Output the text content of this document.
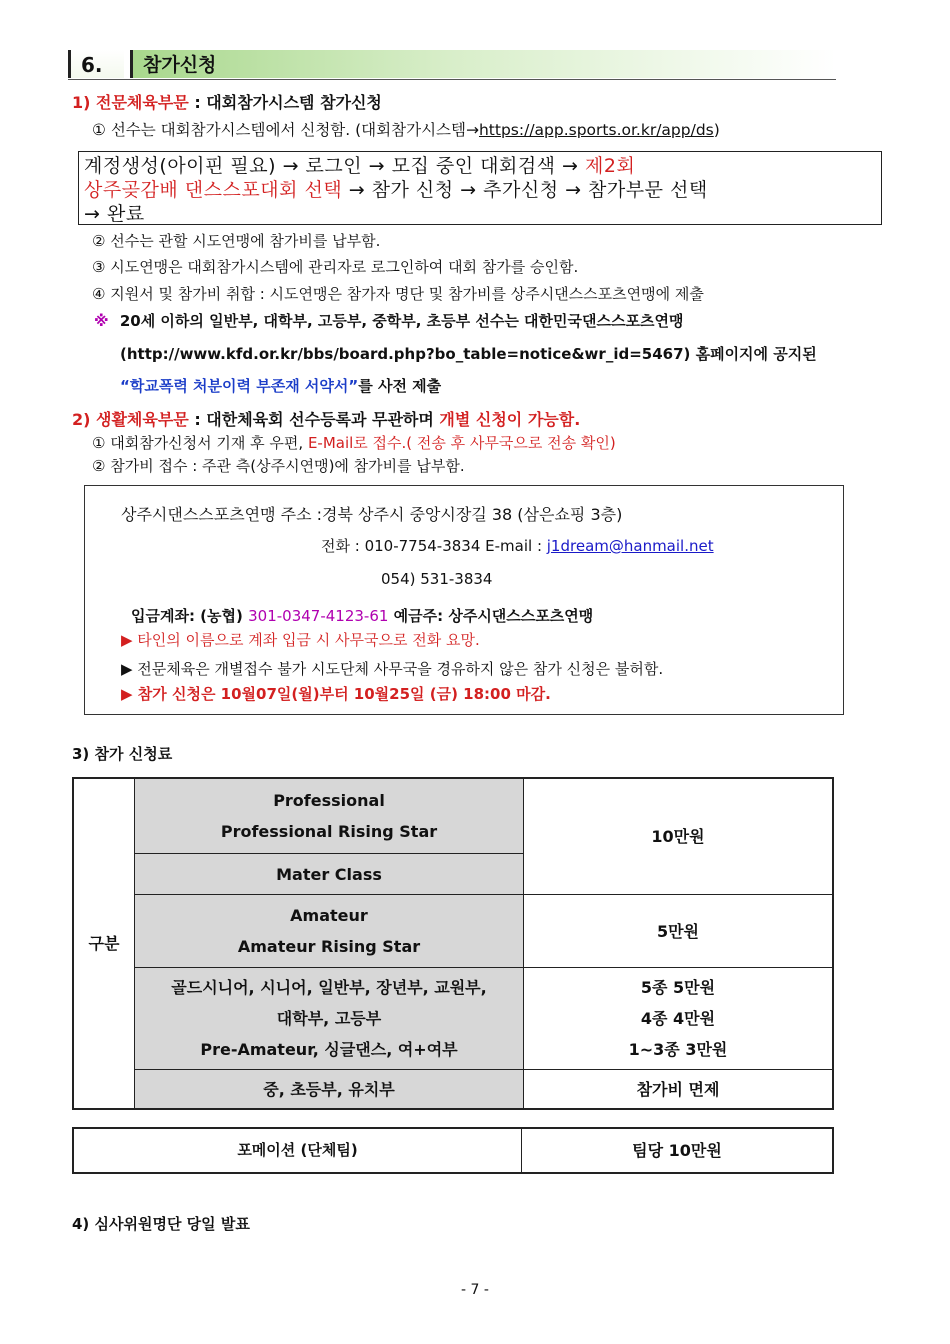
6.	참가신청
1) 전문체육부문 : 대회참가시스템 참가신청
① 선수는 대회참가시스템에서 신청함. (대회참가시스템→https://app.sports.or.kr/app/ds)
계정생성(아이핀 필요) → 로그인 → 모집 중인 대회검색 → 제2회
상주곶감배 댄스스포대회 선택 → 참가 신청 → 추가신청 → 참가부문 선택
→ 완료
② 선수는 관할 시도연맹에 참가비를 납부함.
③ 시도연맹은 대회참가시스템에 관리자로 로그인하여 대회 참가를 승인함.
④ 지원서 및 참가비 취합 : 시도연맹은 참가자 명단 및 참가비를 상주시댄스스포츠연맹에 제출
※ 20세 이하의 일반부, 대학부, 고등부, 중학부, 초등부 선수는 대한민국댄스스포츠연맹
(http://www.kfd.or.kr/bbs/board.php?bo_table=notice&wr_id=5467) 홈페이지에 공지된
“학교폭력 처분이력 부존재 서약서”를 사전 제출
2) 생활체육부문 : 대한체육회 선수등록과 무관하며 개별 신청이 가능함.
① 대회참가신청서 기재 후 우편, E-Mail로 접수.( 전송 후 사무국으로 전송 확인)
② 참가비 접수 : 주관 측(상주시연맹)에 참가비를 납부함.
상주시댄스스포츠연맹 주소 :경북 상주시 중앙시장길 38 (삼은쇼핑 3층)
전화 : 010-7754-3834 E-mail : j1dream@hanmail.net
054) 531-3834
입금계좌: (농협) 301-0347-4123-61 예금주: 상주시댄스스포츠연맹
▶ 타인의 이름으로 계좌 입금 시 사무국으로 전화 요망.
▶ 전문체육은 개별접수 불가 시도단체 사무국을 경유하지 않은 참가 신청은 불허함.
▶ 참가 신청은 10월07일(월)부터 10월25일 (금) 18:00 마감.
3) 참가 신청료
구분
Professional
Professional Rising Star
Mater Class
Amateur
Amateur Rising Star
골드시니어, 시니어, 일반부, 장년부, 교원부,
대학부, 고등부
Pre-Amateur, 싱글댄스, 여+여부
중, 초등부, 유치부
10만원
5만원
5종 5만원
4종 4만원
1~3종 3만원
참가비 면제
포메이션 (단체팀)	팀당 10만원
4) 심사위원명단 당일 발표
- 7 -
